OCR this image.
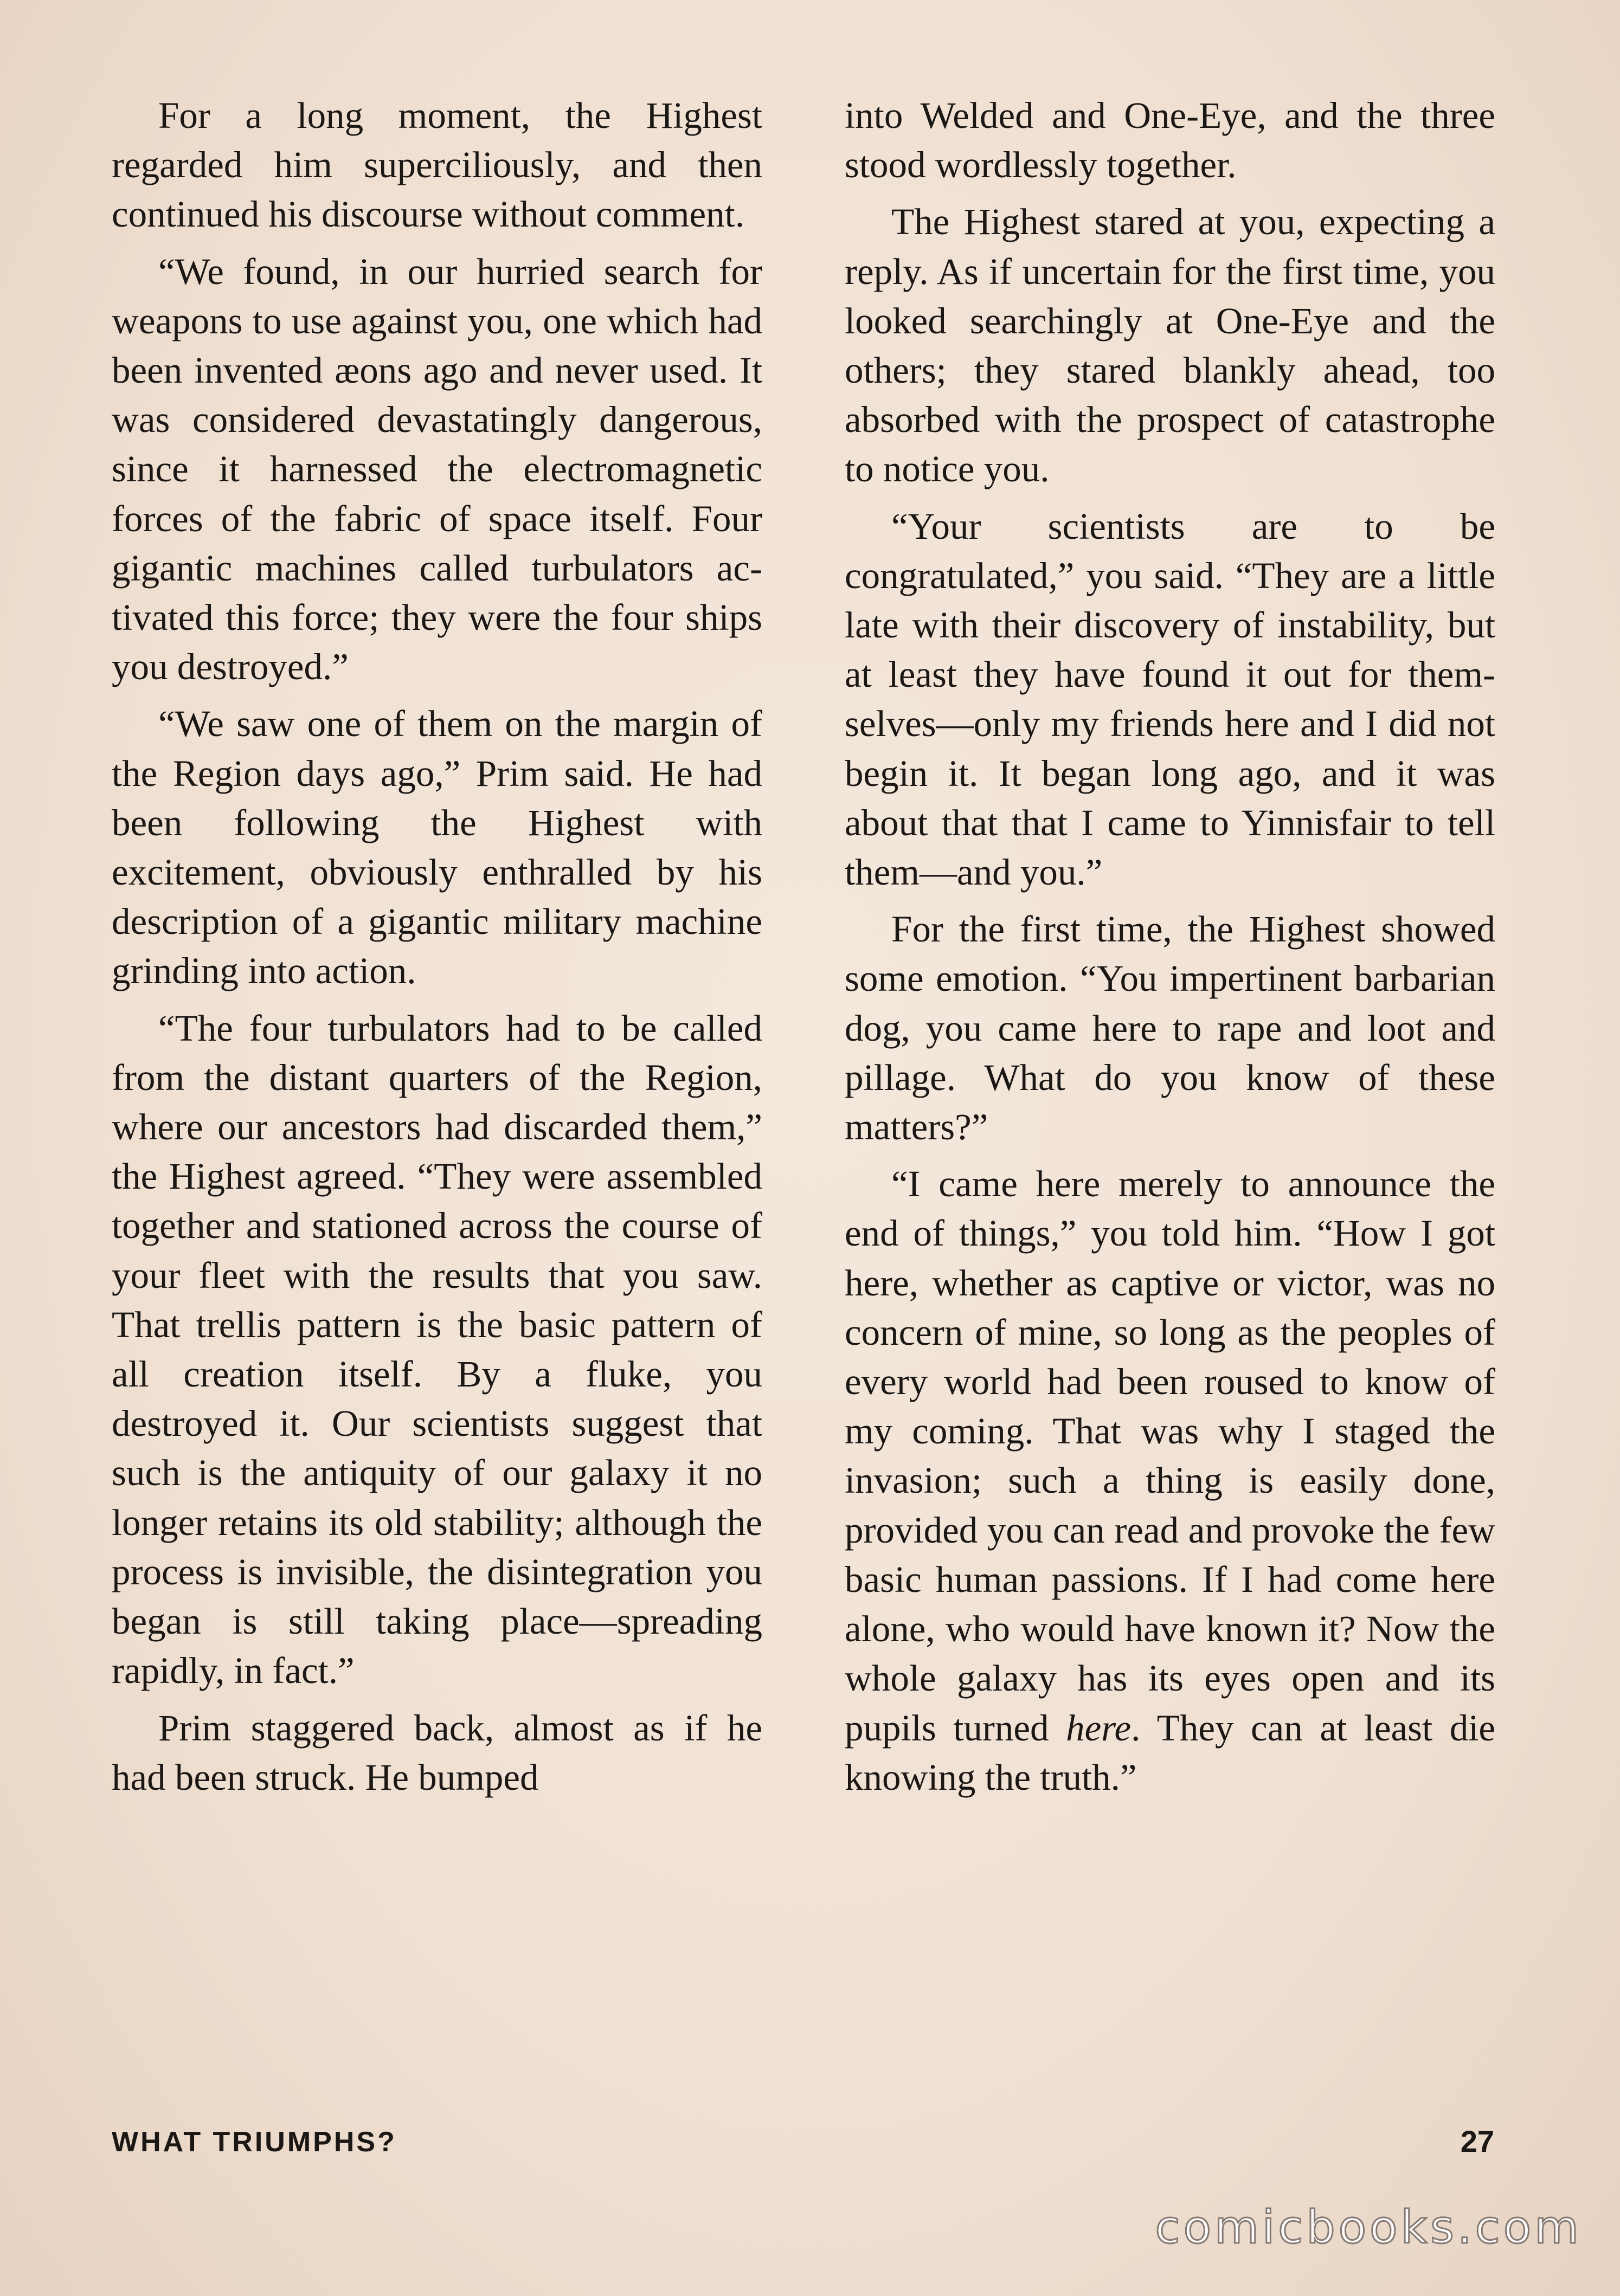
For a long moment, the Highest regarded him superciliously, and then continued his discourse without comment.

“We found, in our hurried search for weapons to use against you, one which had been invented æons ago and never used. It was considered devastatingly dangerous, since it harnessed the electromagnetic forces of the fabric of space itself. Four gigantic machines called turbulators activated this force; they were the four ships you destroyed.”

“We saw one of them on the margin of the Region days ago,” Prim said. He had been following the Highest with excitement, obviously enthralled by his description of a gigantic military machine grinding into action.

“The four turbulators had to be called from the distant quarters of the Region, where our ancestors had discarded them,” the Highest agreed. “They were assembled together and stationed across the course of your fleet with the results that you saw. That trellis pattern is the basic pattern of all creation itself. By a fluke, you destroyed it. Our scientists suggest that such is the antiquity of our galaxy it no longer retains its old stability; although the process is invisible, the disintegration you began is still taking place—spreading rapidly, in fact.”

Prim staggered back, almost as if he had been struck. He bumped

into Welded and One-Eye, and the three stood wordlessly together.

The Highest stared at you, expecting a reply. As if uncertain for the first time, you looked searchingly at One-Eye and the others; they stared blankly ahead, too absorbed with the prospect of catastrophe to notice you.

“Your scientists are to be congratulated,” you said. “They are a little late with their discovery of instability, but at least they have found it out for themselves—only my friends here and I did not begin it. It began long ago, and it was about that that I came to Yinnisfair to tell them—and you.”

For the first time, the Highest showed some emotion. “You impertinent barbarian dog, you came here to rape and loot and pillage. What do you know of these matters?”

“I came here merely to announce the end of things,” you told him. “How I got here, whether as captive or victor, was no concern of mine, so long as the peoples of every world had been roused to know of my coming. That was why I staged the invasion; such a thing is easily done, provided you can read and provoke the few basic human passions. If I had come here alone, who would have known it? Now the whole galaxy has its eyes open and its pupils turned here. They can at least die knowing the truth.”

WHAT TRIUMPHS?	27
comicbooks.com
